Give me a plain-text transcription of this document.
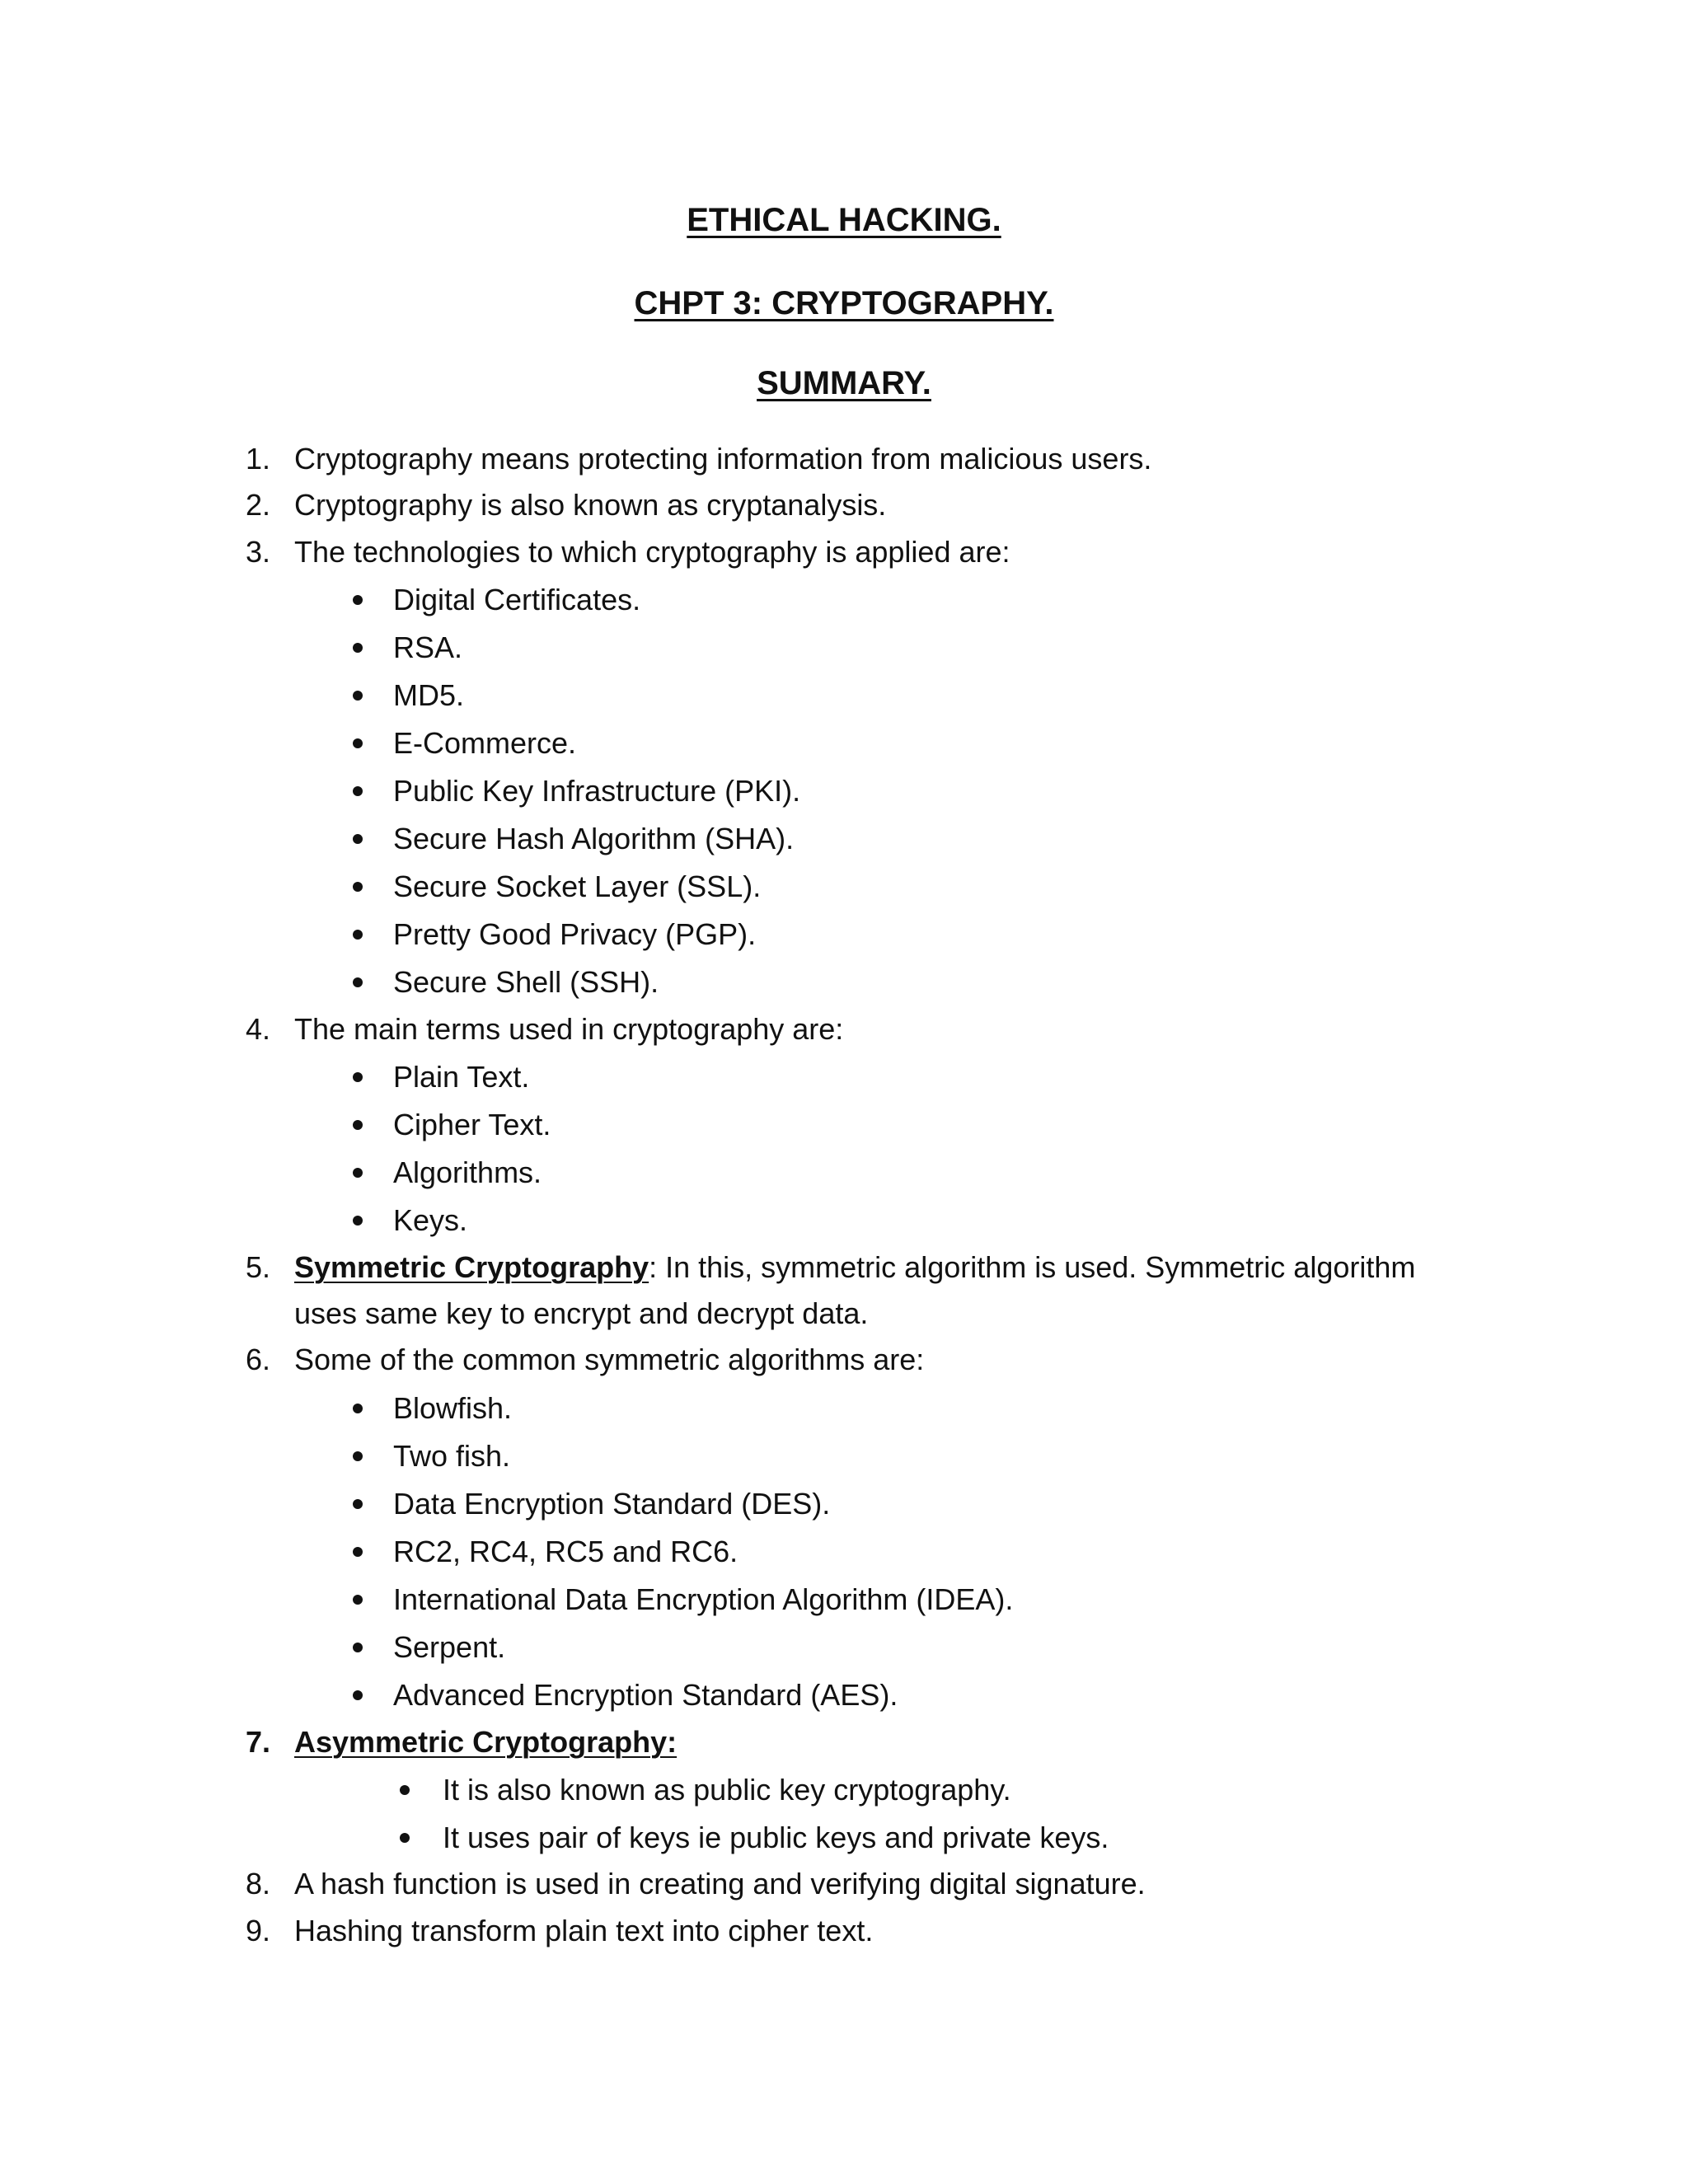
ETHICAL HACKING.
CHPT 3: CRYPTOGRAPHY.
SUMMARY.
1. Cryptography means protecting information from malicious users.
2. Cryptography is also known as cryptanalysis.
3. The technologies to which cryptography is applied are:
Digital Certificates.
RSA.
MD5.
E-Commerce.
Public Key Infrastructure (PKI).
Secure Hash Algorithm (SHA).
Secure Socket Layer (SSL).
Pretty Good Privacy (PGP).
Secure Shell (SSH).
4. The main terms used in cryptography are:
Plain Text.
Cipher Text.
Algorithms.
Keys.
5. Symmetric Cryptography: In this, symmetric algorithm is used. Symmetric algorithm
uses same key to encrypt and decrypt data.
6. Some of the common symmetric algorithms are:
Blowfish.
Two fish.
Data Encryption Standard (DES).
RC2, RC4, RC5 and RC6.
International Data Encryption Algorithm (IDEA).
Serpent.
Advanced Encryption Standard (AES).
7. Asymmetric Cryptography:
It is also known as public key cryptography.
It uses pair of keys ie public keys and private keys.
8. A hash function is used in creating and verifying digital signature.
9. Hashing transform plain text into cipher text.
